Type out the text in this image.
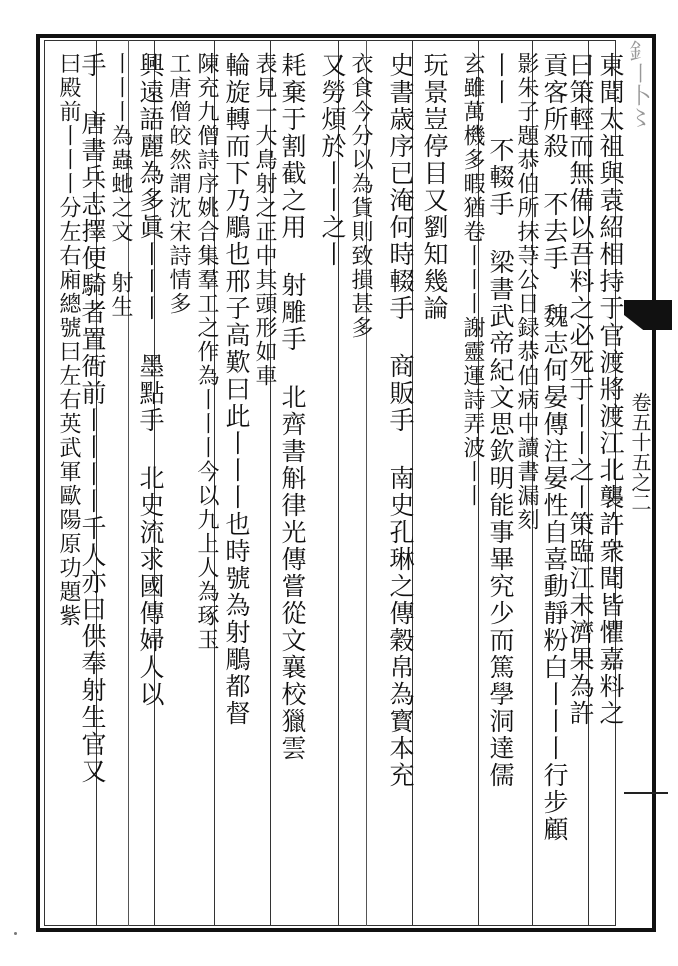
釒〡卜〻
卷五十五之二
東聞太祖與袁紹相持于官渡將渡江北襲許衆聞皆懼嘉料之
曰策輕而無備以吾料之必死于丨丨之丨策臨江未濟果為許
貢客所殺 不去手 魏志何晏傳注晏性自喜動靜粉白丨丨丨行步顧
影朱子題恭伯所抹䒭公日録恭伯病中讀書漏刻
丨丨 不輟手 梁書武帝紀文思欽明能事畢究少而篤學洞達儒
玄雖萬機多暇猶卷丨丨丨謝靈運詩弄波丨丨
玩景豈停目又劉知幾論
史書歳序已淹何時輟手 商販手 南史孔琳之傳穀帛為寳本充
衣食今分以為貨則致損甚多
又勞煩於丨丨之丨
耗棄于割截之用 射雕手 北齊書斛律光傳嘗從文襄校獵雲
表見一大鳥射之正中其頭形如車
輪旋轉而下乃鵰也邢子高歎曰此丨丨丨也時號為射鵰都督
陳充九僧詩序姚合集羣工之作為丨丨丨今以九上人為琢玉
工唐僧皎然謂沈宋詩情多
興遠語麗為多眞丨丨丨 墨點手 北史流求國傳婦人以
丨丨丨為蟲虵之文 射生
手 唐書兵志擇便騎者置衙前丨丨丨丨千人亦曰供奉射生官又
曰殿前丨丨丨分左右廂總號曰左右英武軍歐陽原功題紫
